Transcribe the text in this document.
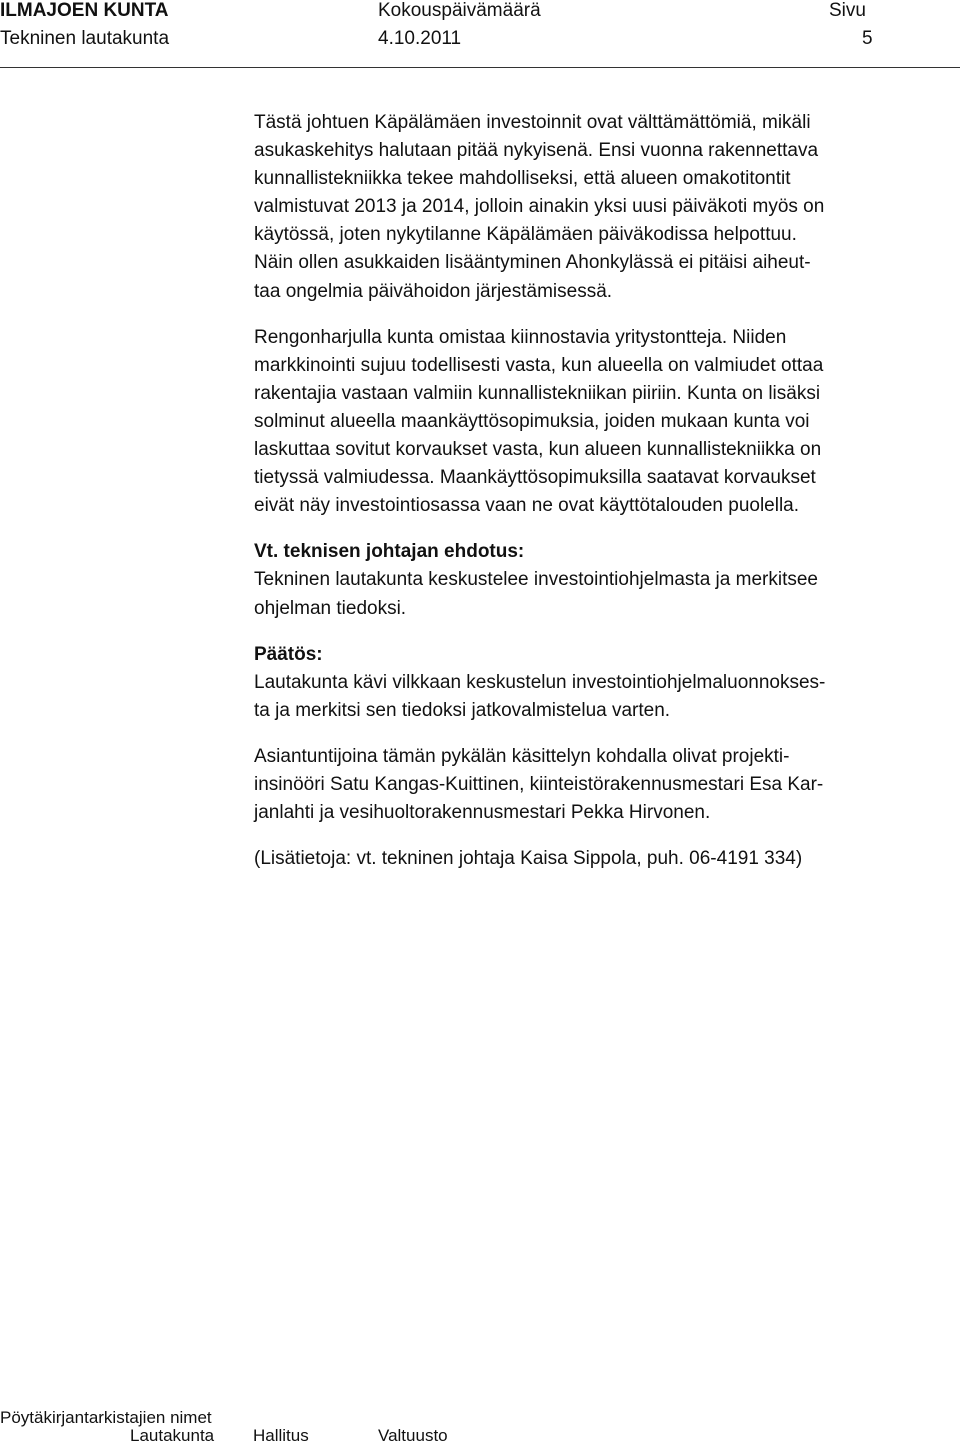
ILMAJOEN KUNTA
Tekninen lautakunta
Kokouspäivämäärä
4.10.2011
Sivu
5
Tästä johtuen Käpälämäen investoinnit ovat välttämättömiä, mikäli
asukaskehitys halutaan pitää nykyisenä. Ensi vuonna rakennettava
kunnallistekniikka tekee mahdolliseksi, että alueen omakotitontit
valmistuvat 2013 ja 2014, jolloin ainakin yksi uusi päiväkoti myös on
käytössä, joten nykytilanne Käpälämäen päiväkodissa helpottuu.
Näin ollen asukkaiden lisääntyminen Ahonkylässä ei pitäisi aiheut-
taa ongelmia päivähoidon järjestämisessä.
Rengonharjulla kunta omistaa kiinnostavia yritystontteja. Niiden
markkinointi sujuu todellisesti vasta, kun alueella on valmiudet ottaa
rakentajia vastaan valmiin kunnallistekniikan piiriin. Kunta on lisäksi
solminut alueella maankäyttösopimuksia, joiden mukaan kunta voi
laskuttaa sovitut korvaukset vasta, kun alueen kunnallistekniikka on
tietyssä valmiudessa. Maankäyttösopimuksilla saatavat korvaukset
eivät näy investointiosassa vaan ne ovat käyttötalouden puolella.
Vt. teknisen johtajan ehdotus:
Tekninen lautakunta keskustelee investointiohjelmasta ja merkitsee
ohjelman tiedoksi.
Päätös:
Lautakunta kävi vilkkaan keskustelun investointiohjelmaluonnokses-
ta ja merkitsi sen tiedoksi jatkovalmistelua varten.
Asiantuntijoina tämän pykälän käsittelyn kohdalla olivat projekti-
insinööri Satu Kangas-Kuittinen, kiinteistörakennusmestari Esa Kar-
janlahti ja vesihuoltorakennusmestari Pekka Hirvonen.
(Lisätietoja: vt. tekninen johtaja Kaisa Sippola, puh. 06-4191 334)
Pöytäkirjantarkistajien nimet
Lautakunta Hallitus	Valtuusto
